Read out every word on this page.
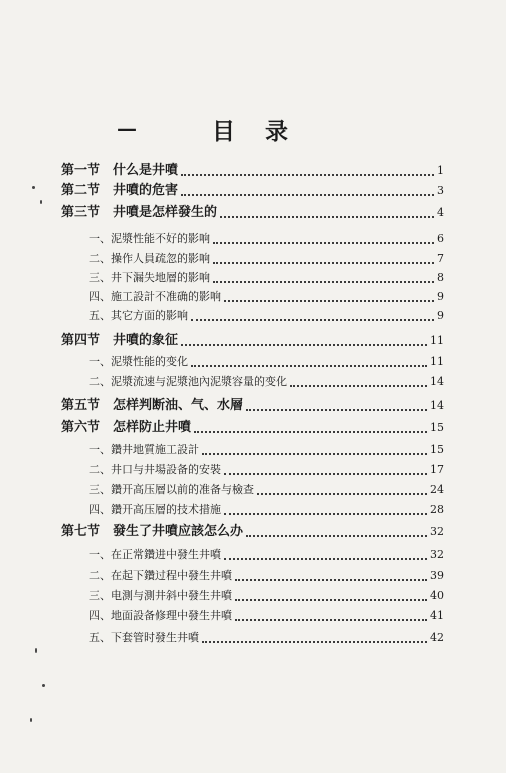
—	目录
第一节　什么是井噴	1
第二节　井噴的危害	3
第三节　井噴是怎样發生的	4
一、泥漿性能不好的影响	6
二、操作人員疏忽的影响	7
三、井下漏失地層的影响	8
四、施工設計不准确的影响	9
五、其它方面的影响	9
第四节　井噴的象征	11
一、泥漿性能的变化	11
二、泥漿流速与泥漿池內泥漿容量的变化	14
第五节　怎样判断油、气、水層	14
第六节　怎样防止井噴	15
一、鑽井地質施工設計	15
二、井口与井場設备的安裝	17
三、鑽开高压層以前的准备与檢查	24
四、鑽开高压層的技术措施	28
第七节　發生了井噴应該怎么办	32
一、在正常鑽进中發生井噴	32
二、在起下鑽过程中發生井噴	39
三、电測与測井斜中發生井噴	40
四、地面設备修理中發生井噴	41
五、下套管时發生井噴	42
